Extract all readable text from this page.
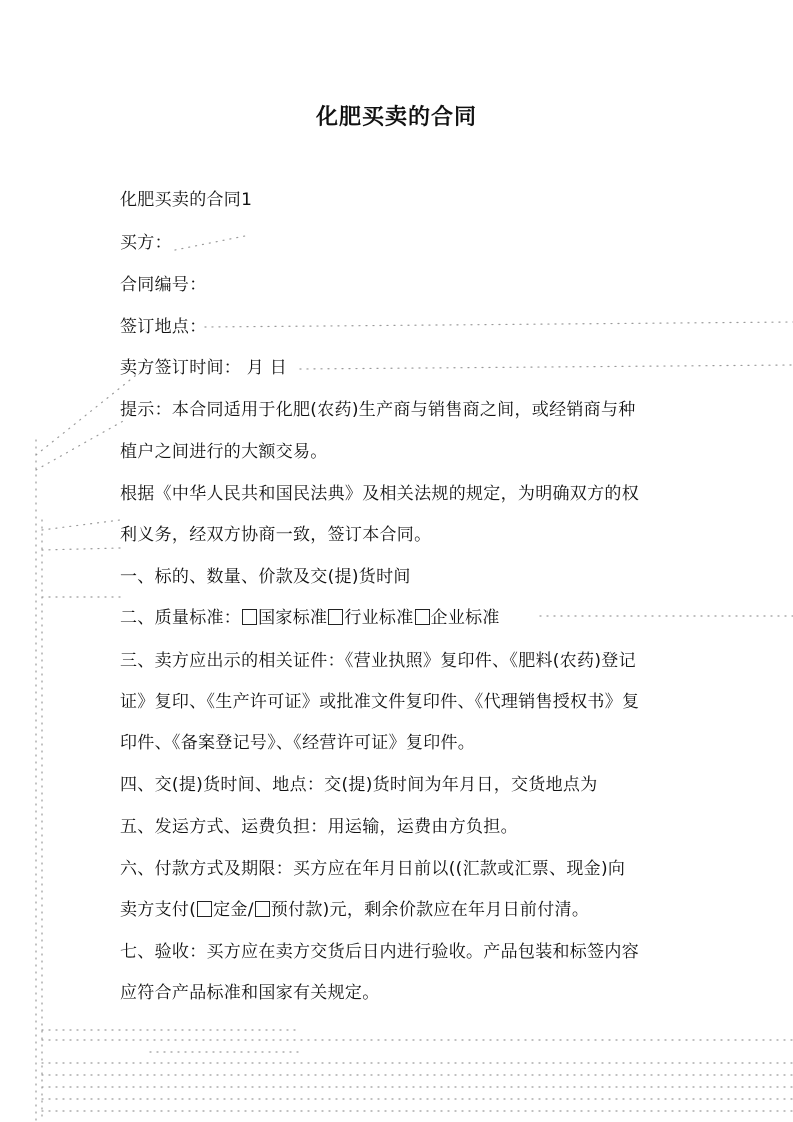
化肥买卖的合同

化肥买卖的合同1

买方：

合同编号：

签订地点：

卖方签订时间： 月 日

提示：本合同适用于化肥(农药)生产商与销售商之间，或经销商与种

植户之间进行的大额交易。

根据《中华人民共和国民法典》及相关法规的规定，为明确双方的权

利义务，经双方协商一致，签订本合同。

一、标的、数量、价款及交(提)货时间

二、质量标准： 国家标准 行业标准 企业标准

三、卖方应出示的相关证件：《营业执照》复印件、《肥料(农药)登记

证》复印、《生产许可证》或批准文件复印件、《代理销售授权书》复

印件、《备案登记号》、《经营许可证》复印件。

四、交(提)货时间、地点：交(提)货时间为年月日，交货地点为

五、发运方式、运费负担：用运输，运费由方负担。

六、付款方式及期限：买方应在年月日前以((汇款或汇票、现金)向

卖方支付( 定金/ 预付款)元，剩余价款应在年月日前付清。

七、验收：买方应在卖方交货后日内进行验收。产品包装和标签内容

应符合产品标准和国家有关规定。
